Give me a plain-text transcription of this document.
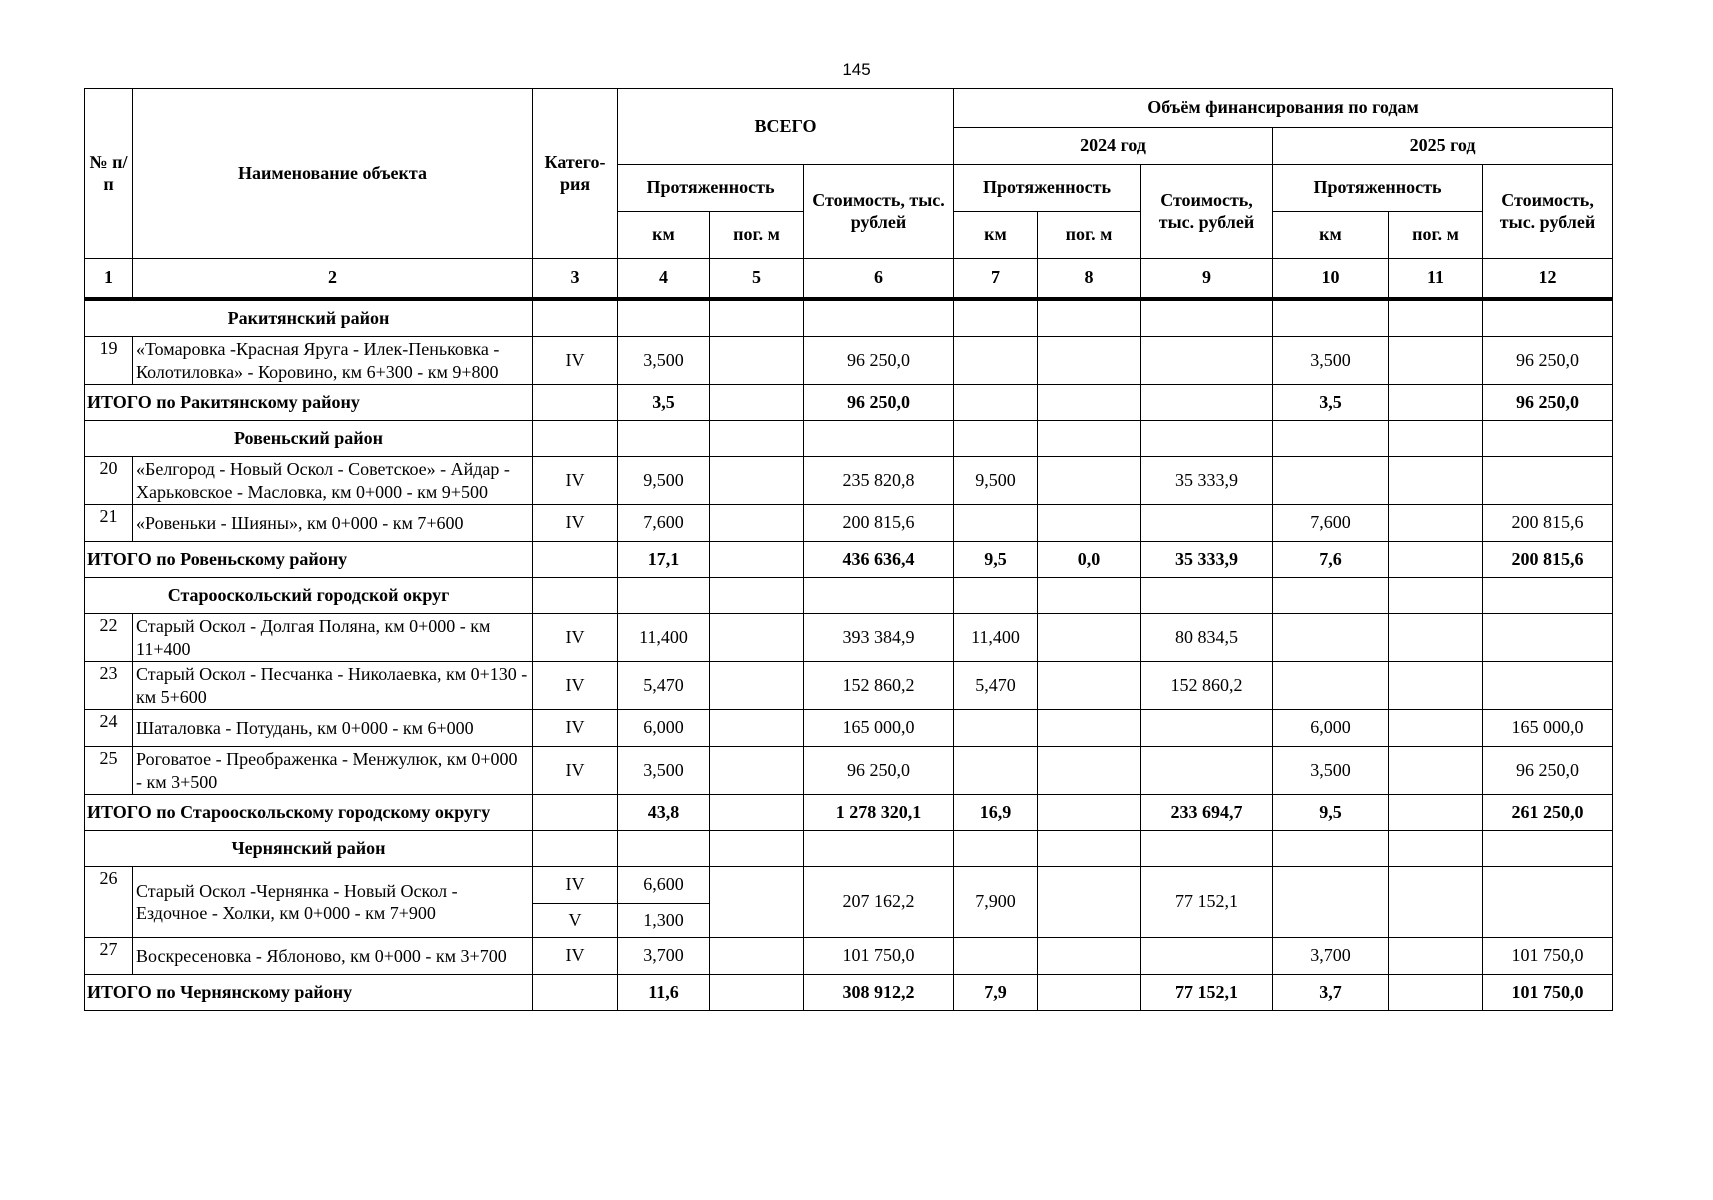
145
№ п/п	Наименование объекта	Катего-рия	ВСЕГО			Объём финансирования по годам					
						2024 год			2025 год		
			Протяженность		Стоимость, тыс. рублей	Протяженность		Стоимость, тыс. рублей	Протяженность		Стоимость, тыс. рублей
			км	пог. м		км	пог. м		км	пог. м	
1	2	3	4	5	6	7	8	9	10	11	12
Ракитянский район											
19	«Томаровка -Красная Яруга - Илек-Пеньковка - Колотиловка» - Коровино, км 6+300 - км 9+800	IV	3,500		96 250,0				3,500		96 250,0
ИТОГО по Ракитянскому району			3,5		96 250,0				3,5		96 250,0
Ровеньский район											
20	«Белгород - Новый Оскол - Советское» - Айдар - Харьковское - Масловка, км 0+000 - км 9+500	IV	9,500		235 820,8	9,500		35 333,9			
21	«Ровеньки - Шияны», км 0+000 - км 7+600	IV	7,600		200 815,6				7,600		200 815,6
ИТОГО по Ровеньскому району			17,1		436 636,4	9,5	0,0	35 333,9	7,6		200 815,6
Старооскольский городской округ											
22	Старый Оскол - Долгая Поляна, км 0+000 - км 11+400	IV	11,400		393 384,9	11,400		80 834,5			
23	Старый Оскол - Песчанка - Николаевка, км 0+130 - км 5+600	IV	5,470		152 860,2	5,470		152 860,2			
24	Шаталовка - Потудань, км 0+000 - км 6+000	IV	6,000		165 000,0				6,000		165 000,0
25	Роговатое - Преображенка - Менжулюк, км 0+000 - км 3+500	IV	3,500		96 250,0				3,500		96 250,0
ИТОГО по Старооскольскому городскому округу			43,8		1 278 320,1	16,9		233 694,7	9,5		261 250,0
Чернянский район											
26	Старый Оскол -Чернянка - Новый Оскол - Ездочное - Холки, км 0+000 - км 7+900	IV	6,600		207 162,2	7,900		77 152,1			
		V	1,300								
27	Воскресеновка - Яблоново, км 0+000 - км 3+700	IV	3,700		101 750,0				3,700		101 750,0
ИТОГО по Чернянскому району			11,6		308 912,2	7,9		77 152,1	3,7		101 750,0
